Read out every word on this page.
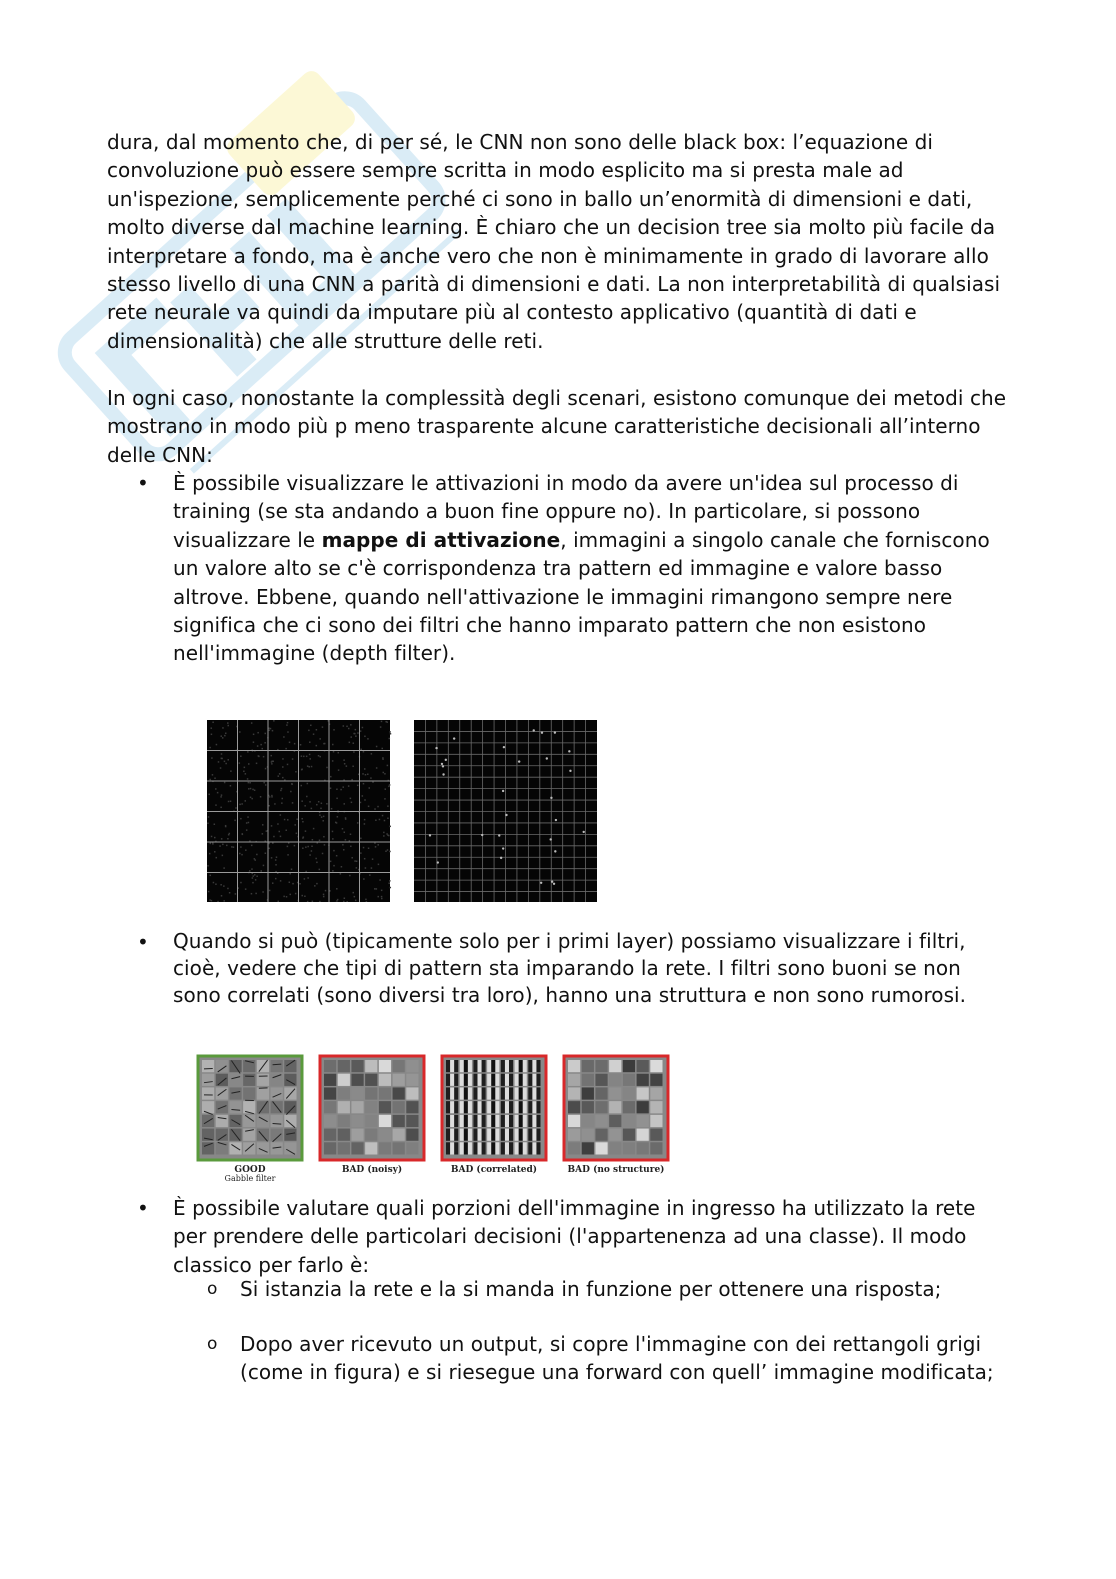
dura, dal momento che, di per sé, le CNN non sono delle black box: l’equazione di convoluzione può essere sempre scritta in modo esplicito ma si presta male ad un'ispezione, semplicemente perché ci sono in ballo un’enormità di dimensioni e dati, molto diverse dal machine learning. È chiaro che un decision tree sia molto più facile da interpretare a fondo, ma è anche vero che non è minimamente in grado di lavorare allo stesso livello di una CNN a parità di dimensioni e dati. La non interpretabilità di qualsiasi rete neurale va quindi da imputare più al contesto applicativo (quantità di dati e dimensionalità) che alle strutture delle reti.

In ogni caso, nonostante la complessità degli scenari, esistono comunque dei metodi che mostrano in modo più p meno trasparente alcune caratteristiche decisionali all’interno delle CNN:

•	È possibile visualizzare le attivazioni in modo da avere un'idea sul processo di training (se sta andando a buon fine oppure no). In particolare, si possono visualizzare le mappe di attivazione, immagini a singolo canale che forniscono un valore alto se c'è corrispondenza tra pattern ed immagine e valore basso altrove. Ebbene, quando nell'attivazione le immagini rimangono sempre nere significa che ci sono dei filtri che hanno imparato pattern che non esistono nell'immagine (depth filter).
•	Quando si può (tipicamente solo per i primi layer) possiamo visualizzare i filtri, cioè, vedere che tipi di pattern sta imparando la rete. I filtri sono buoni se non sono correlati (sono diversi tra loro), hanno una struttura e non sono rumorosi.
•	È possibile valutare quali porzioni dell'immagine in ingresso ha utilizzato la rete per prendere delle particolari decisioni (l'appartenenza ad una classe). Il modo classico per farlo è:
o Si istanzia la rete e la si manda in funzione per ottenere una risposta;
o Dopo aver ricevuto un output, si copre l'immagine con dei rettangoli grigi (come in figura) e si riesegue una forward con quell’ immagine modificata;
GOOD
Gabble filter
BAD (noisy)	BAD (correlated)	BAD (no structure)
